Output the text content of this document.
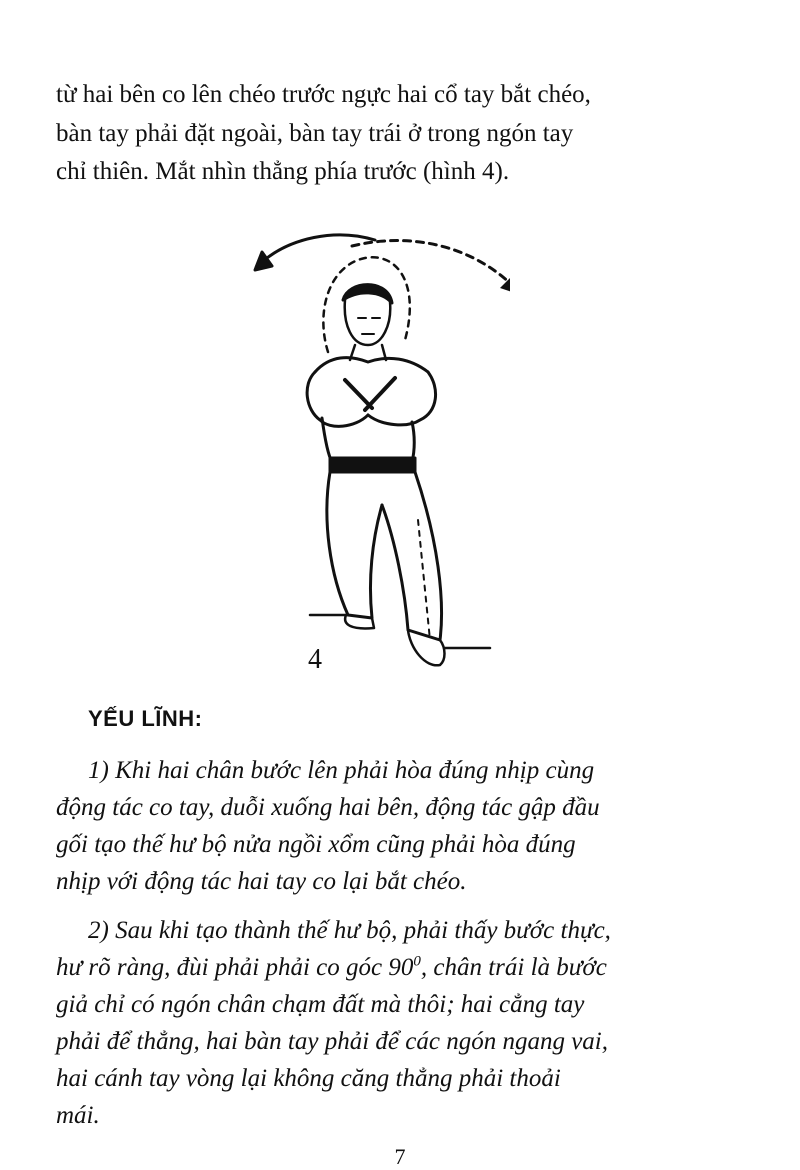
từ hai bên co lên chéo trước ngực hai cổ tay bắt chéo,
bàn tay phải đặt ngoài, bàn tay trái ở trong ngón tay
chỉ thiên. Mắt nhìn thẳng phía trước (hình 4).

4
YẾU LĨNH:

1) Khi hai chân bước lên phải hòa đúng nhịp cùng
động tác co tay, duỗi xuống hai bên, động tác gập đầu
gối tạo thế hư bộ nửa ngồi xổm cũng phải hòa đúng
nhịp với động tác hai tay co lại bắt chéo.

2) Sau khi tạo thành thế hư bộ, phải thấy bước thực,
hư rõ ràng, đùi phải phải co góc $90^0$, chân trái là bước
giả chỉ có ngón chân chạm đất mà thôi; hai cẳng tay
phải để thẳng, hai bàn tay phải để các ngón ngang vai,
hai cánh tay vòng lại không căng thẳng phải thoải
mái.

7
